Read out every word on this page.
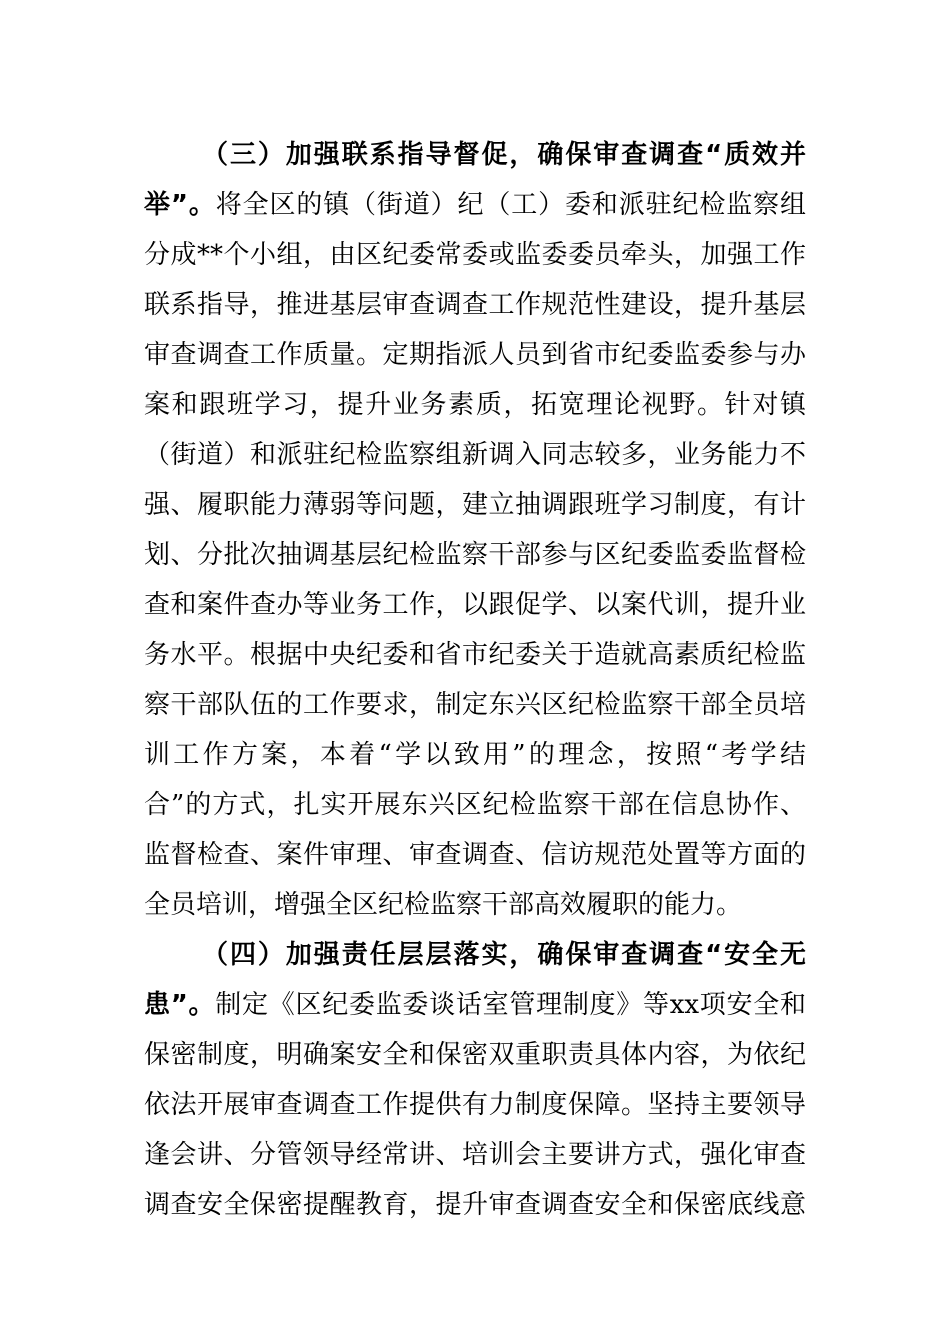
（三）加强联系指导督促，确保审查调查“质效并
举”。将全区的镇（街道）纪（工）委和派驻纪检监察组
分成**个小组，由区纪委常委或监委委员牵头，加强工作
联系指导，推进基层审查调查工作规范性建设，提升基层
审查调查工作质量。定期指派人员到省市纪委监委参与办
案和跟班学习，提升业务素质，拓宽理论视野。针对镇
（街道）和派驻纪检监察组新调入同志较多，业务能力不
强、履职能力薄弱等问题，建立抽调跟班学习制度，有计
划、分批次抽调基层纪检监察干部参与区纪委监委监督检
查和案件查办等业务工作，以跟促学、以案代训，提升业
务水平。根据中央纪委和省市纪委关于造就高素质纪检监
察干部队伍的工作要求，制定东兴区纪检监察干部全员培
训工作方案，本着“学以致用”的理念，按照“考学结
合”的方式，扎实开展东兴区纪检监察干部在信息协作、
监督检查、案件审理、审查调查、信访规范处置等方面的
全员培训，增强全区纪检监察干部高效履职的能力。
（四）加强责任层层落实，确保审查调查“安全无
患”。制定《区纪委监委谈话室管理制度》等xx项安全和
保密制度，明确案安全和保密双重职责具体内容，为依纪
依法开展审查调查工作提供有力制度保障。坚持主要领导
逢会讲、分管领导经常讲、培训会主要讲方式，强化审查
调查安全保密提醒教育，提升审查调查安全和保密底线意
